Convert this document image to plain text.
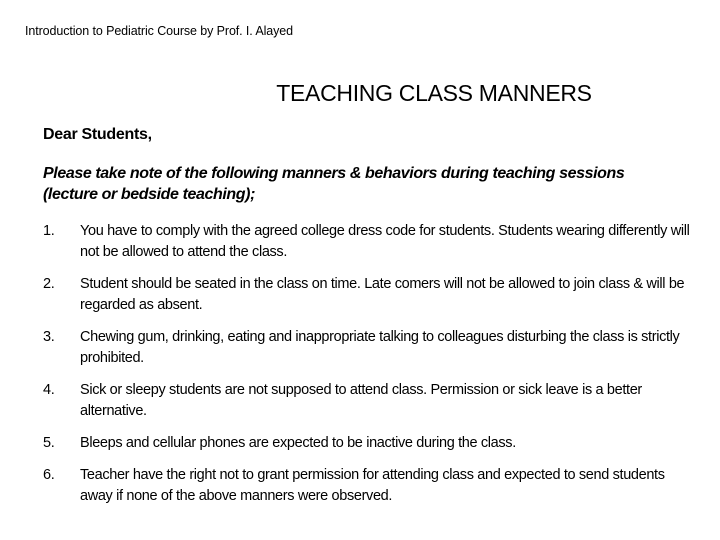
Introduction to Pediatric Course by Prof. I. Alayed
TEACHING CLASS MANNERS
Dear Students,
Please take note of the following manners & behaviors during teaching sessions (lecture or bedside teaching);
1.	You have to comply with the agreed college dress code for students. Students wearing differently will not be allowed to attend the class.
2.	Student should be seated in the class on time. Late comers will not be allowed to join class & will be regarded as absent.
3.	Chewing gum, drinking, eating and inappropriate talking to colleagues disturbing the class is strictly prohibited.
4.	Sick or sleepy students are not supposed to attend class. Permission or sick leave is a better alternative.
5.	Bleeps and cellular phones are expected to be inactive during the class.
6.	Teacher have the right not to grant permission for attending class and expected to send students away if none of the above manners were observed.
